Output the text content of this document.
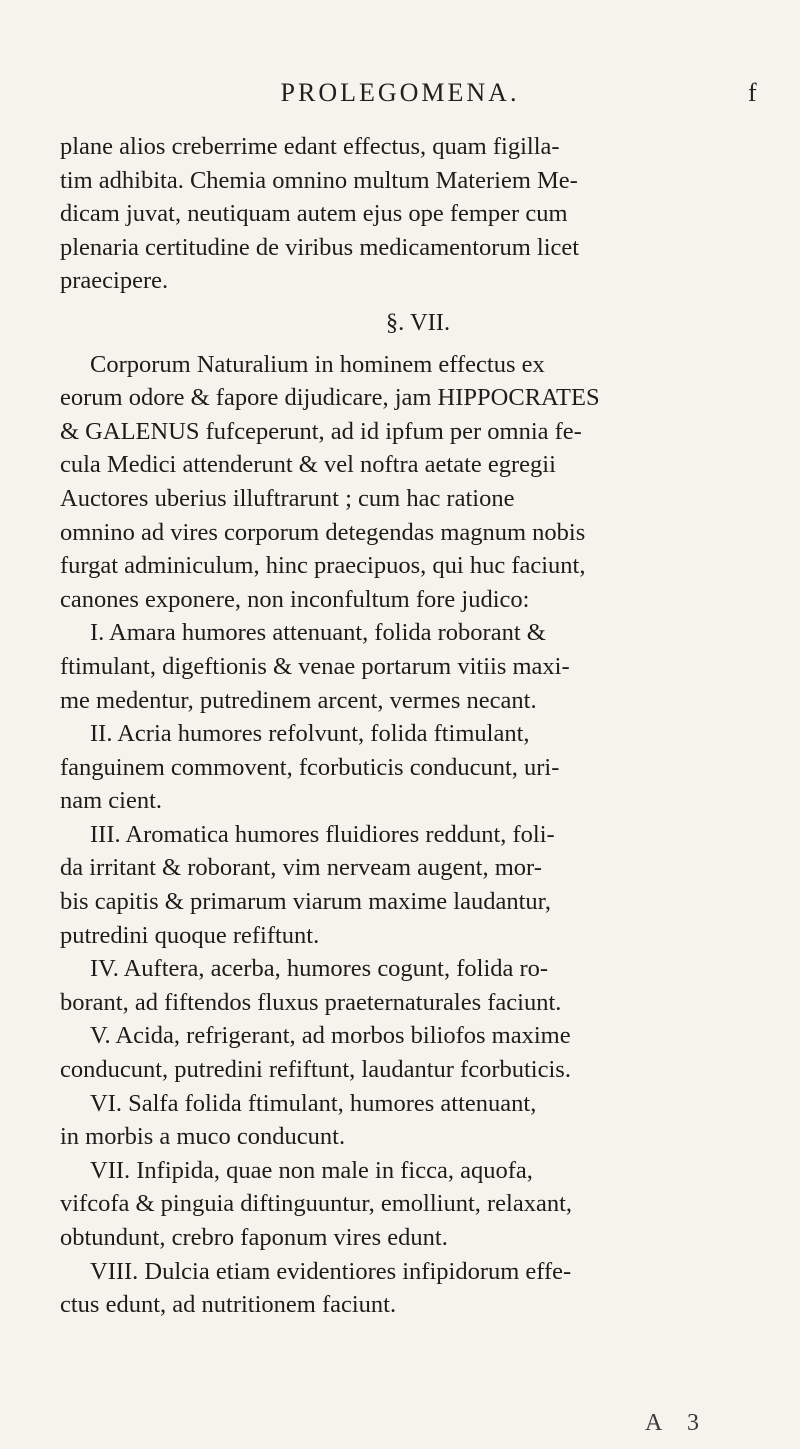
PROLEGOMENA.	f
plane alios creberrime edant effectus, quam figilla-
tim adhibita. Chemia omnino multum Materiem Me-
dicam juvat, neutiquam autem ejus ope femper cum
plenaria certitudine de viribus medicamentorum licet
praecipere.
§. VII.
Corporum Naturalium in hominem effectus ex
eorum odore & fapore dijudicare, jam HIPPOCRATES
& GALENUS fufceperunt, ad id ipfum per omnia fe-
cula Medici attenderunt & vel noftra aetate egregii
Auctores uberius illuftrarunt ; cum hac ratione
omnino ad vires corporum detegendas magnum nobis
furgat adminiculum, hinc praecipuos, qui huc faciunt,
canones exponere, non inconfultum fore judico:
I. Amara humores attenuant, folida roborant &
ftimulant, digeftionis & venae portarum vitiis maxi-
me medentur, putredinem arcent, vermes necant.
II. Acria humores refolvunt, folida ftimulant,
fanguinem commovent, fcorbuticis conducunt, uri-
nam cient.
III. Aromatica humores fluidiores reddunt, foli-
da irritant & roborant, vim nerveam augent, mor-
bis capitis & primarum viarum maxime laudantur,
putredini quoque refiftunt.
IV. Auftera, acerba, humores cogunt, folida ro-
borant, ad fiftendos fluxus praeternaturales faciunt.
V. Acida, refrigerant, ad morbos biliofos maxime
conducunt, putredini refiftunt, laudantur fcorbuticis.
VI. Salfa folida ftimulant, humores attenuant,
in morbis a muco conducunt.
VII. Infipida, quae non male in ficca, aquofa,
vifcofa & pinguia diftinguuntur, emolliunt, relaxant,
obtundunt, crebro faponum vires edunt.
VIII. Dulcia etiam evidentiores infipidorum effe-
ctus edunt, ad nutritionem faciunt.
A 3
